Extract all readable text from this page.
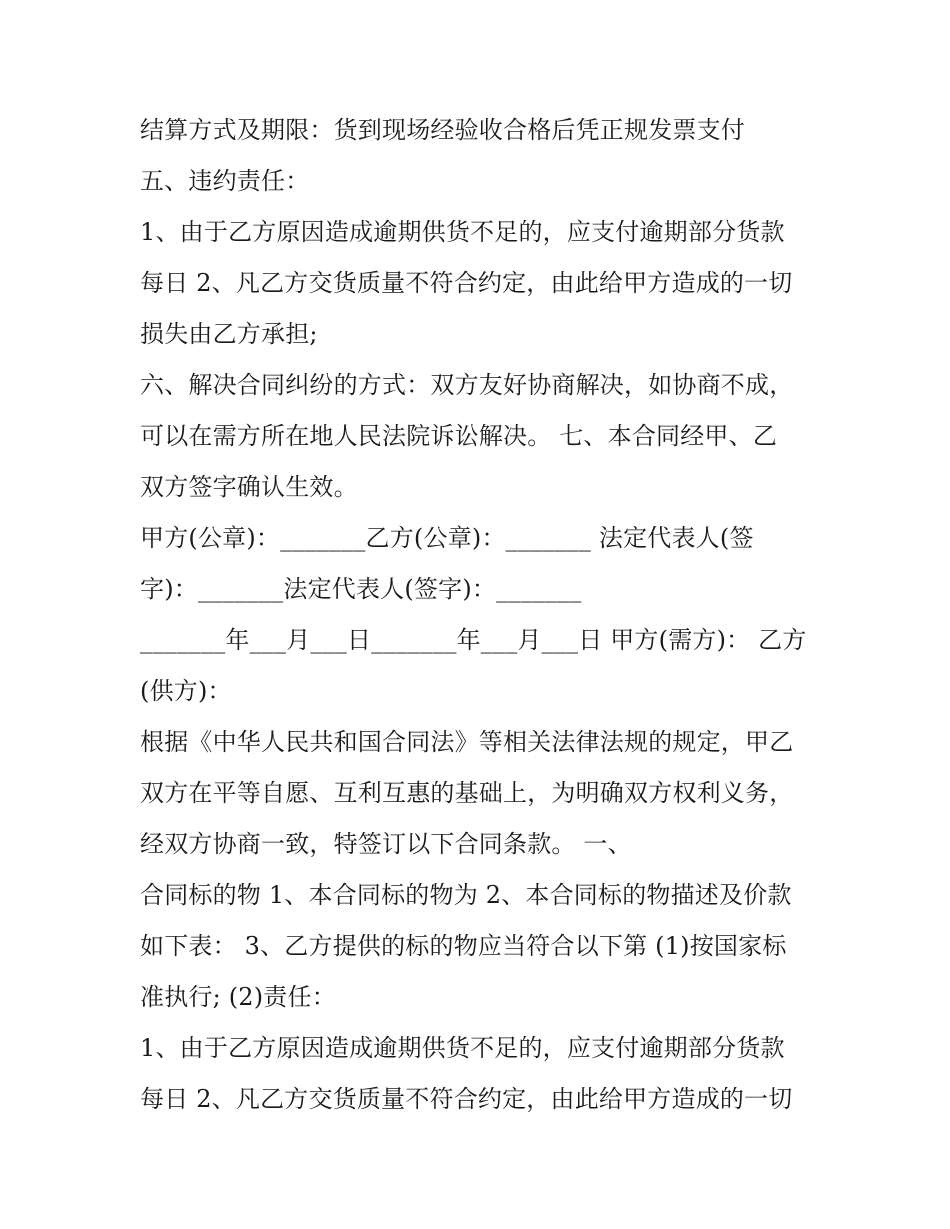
结算方式及期限：货到现场经验收合格后凭正规发票支付
五、违约责任：
1、由于乙方原因造成逾期供货不足的，应支付逾期部分货款
每日 2、凡乙方交货质量不符合约定，由此给甲方造成的一切
损失由乙方承担;
六、解决合同纠纷的方式：双方友好协商解决，如协商不成，
可以在需方所在地人民法院诉讼解决。 七、本合同经甲、乙
双方签字确认生效。
甲方(公章)：_______乙方(公章)：_______ 法定代表人(签
字)：_______法定代表人(签字)：_______
_______年___月___日_______年___月___日 甲方(需方)： 乙方
(供方)：
根据《中华人民共和国合同法》等相关法律法规的规定，甲乙
双方在平等自愿、互利互惠的基础上，为明确双方权利义务，
经双方协商一致，特签订以下合同条款。 一、
合同标的物 1、本合同标的物为 2、本合同标的物描述及价款
如下表： 3、乙方提供的标的物应当符合以下第 (1)按国家标
准执行; (2)责任：
1、由于乙方原因造成逾期供货不足的，应支付逾期部分货款
每日 2、凡乙方交货质量不符合约定，由此给甲方造成的一切
